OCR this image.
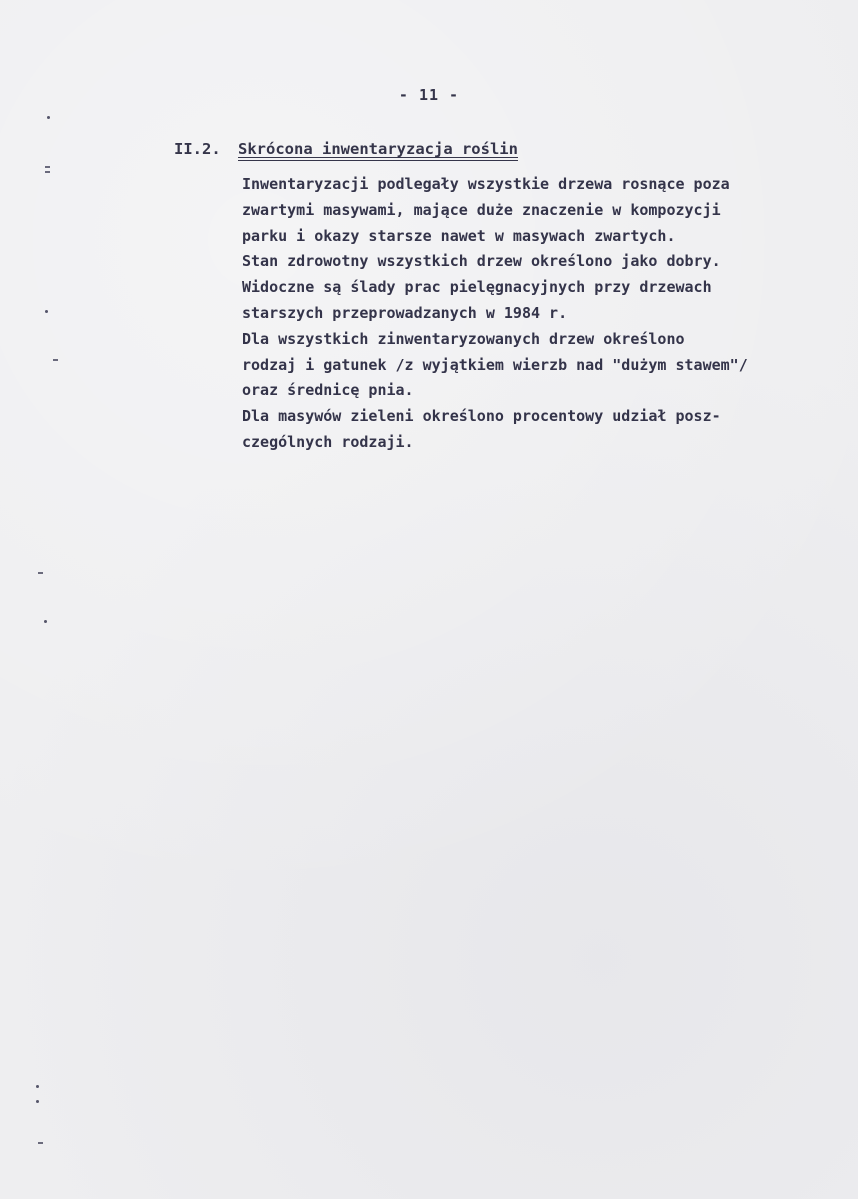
- 11 -
II.2. Skrócona inwentaryzacja roślin
Inwentaryzacji podlegały wszystkie drzewa rosnące poza
zwartymi masywami, mające duże znaczenie w kompozycji
parku i okazy starsze nawet w masywach zwartych.
Stan zdrowotny wszystkich drzew określono jako dobry.
Widoczne są ślady prac pielęgnacyjnych przy drzewach
starszych przeprowadzanych w 1984 r.
Dla wszystkich zinwentaryzowanych drzew określono
rodzaj i gatunek /z wyjątkiem wierzb nad "dużym stawem"/
oraz średnicę pnia.
Dla masywów zieleni określono procentowy udział posz-
czególnych rodzaji.
